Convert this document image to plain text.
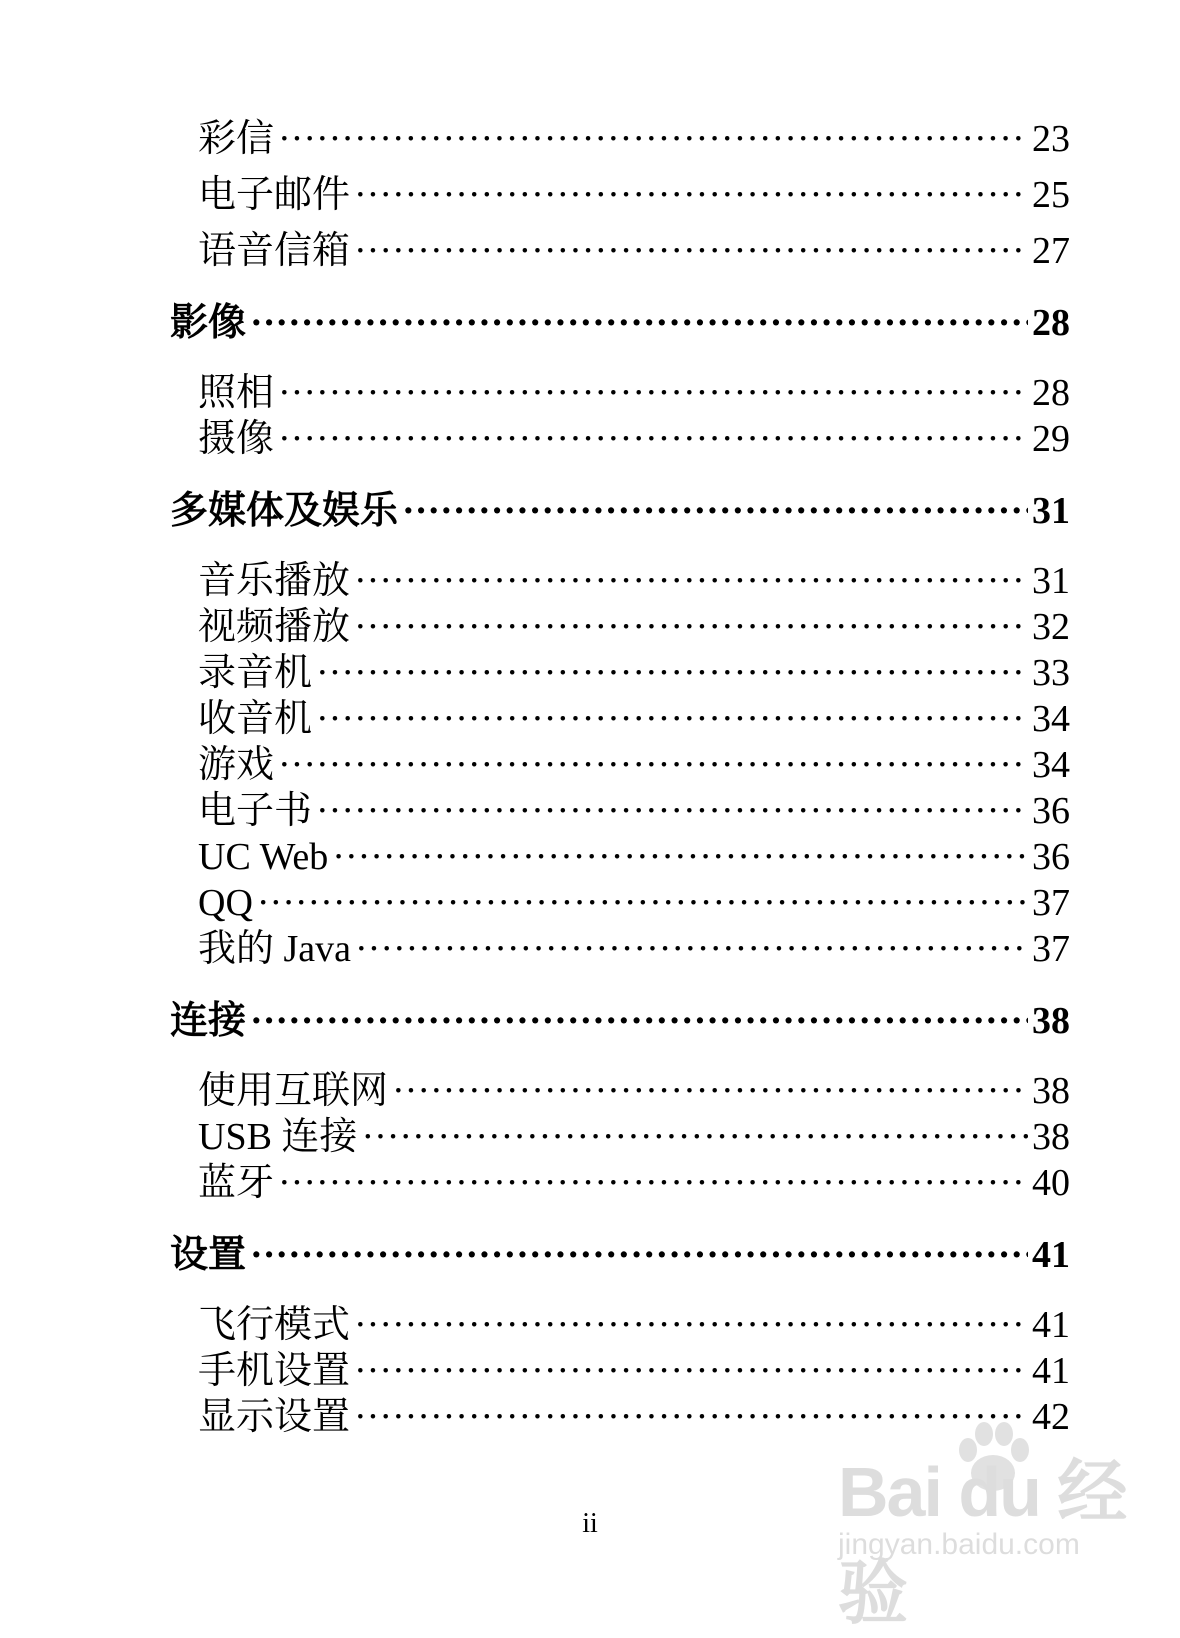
彩信 ·····	23
电子邮件 ·····	25
语音信箱 ·····	27
影像 ·····	28
照相 ·····	28
摄像 ·····	29
多媒体及娱乐 ·····	31
音乐播放 ·····	31
视频播放 ·····	32
录音机 ·····	33
收音机 ·····	34
游戏 ·····	34
电子书 ·····	36
UC Web ·····	36
QQ ·····	37
我的 Java ·····	37
连接 ·····	38
使用互联网 ·····	38
USB 连接 ·····	38
蓝牙 ·····	40
设置 ·····	41
飞行模式 ·····	41
手机设置 ·····	41
显示设置 ·····	42
ii	Bai du 经验
jingyan.baidu.com
